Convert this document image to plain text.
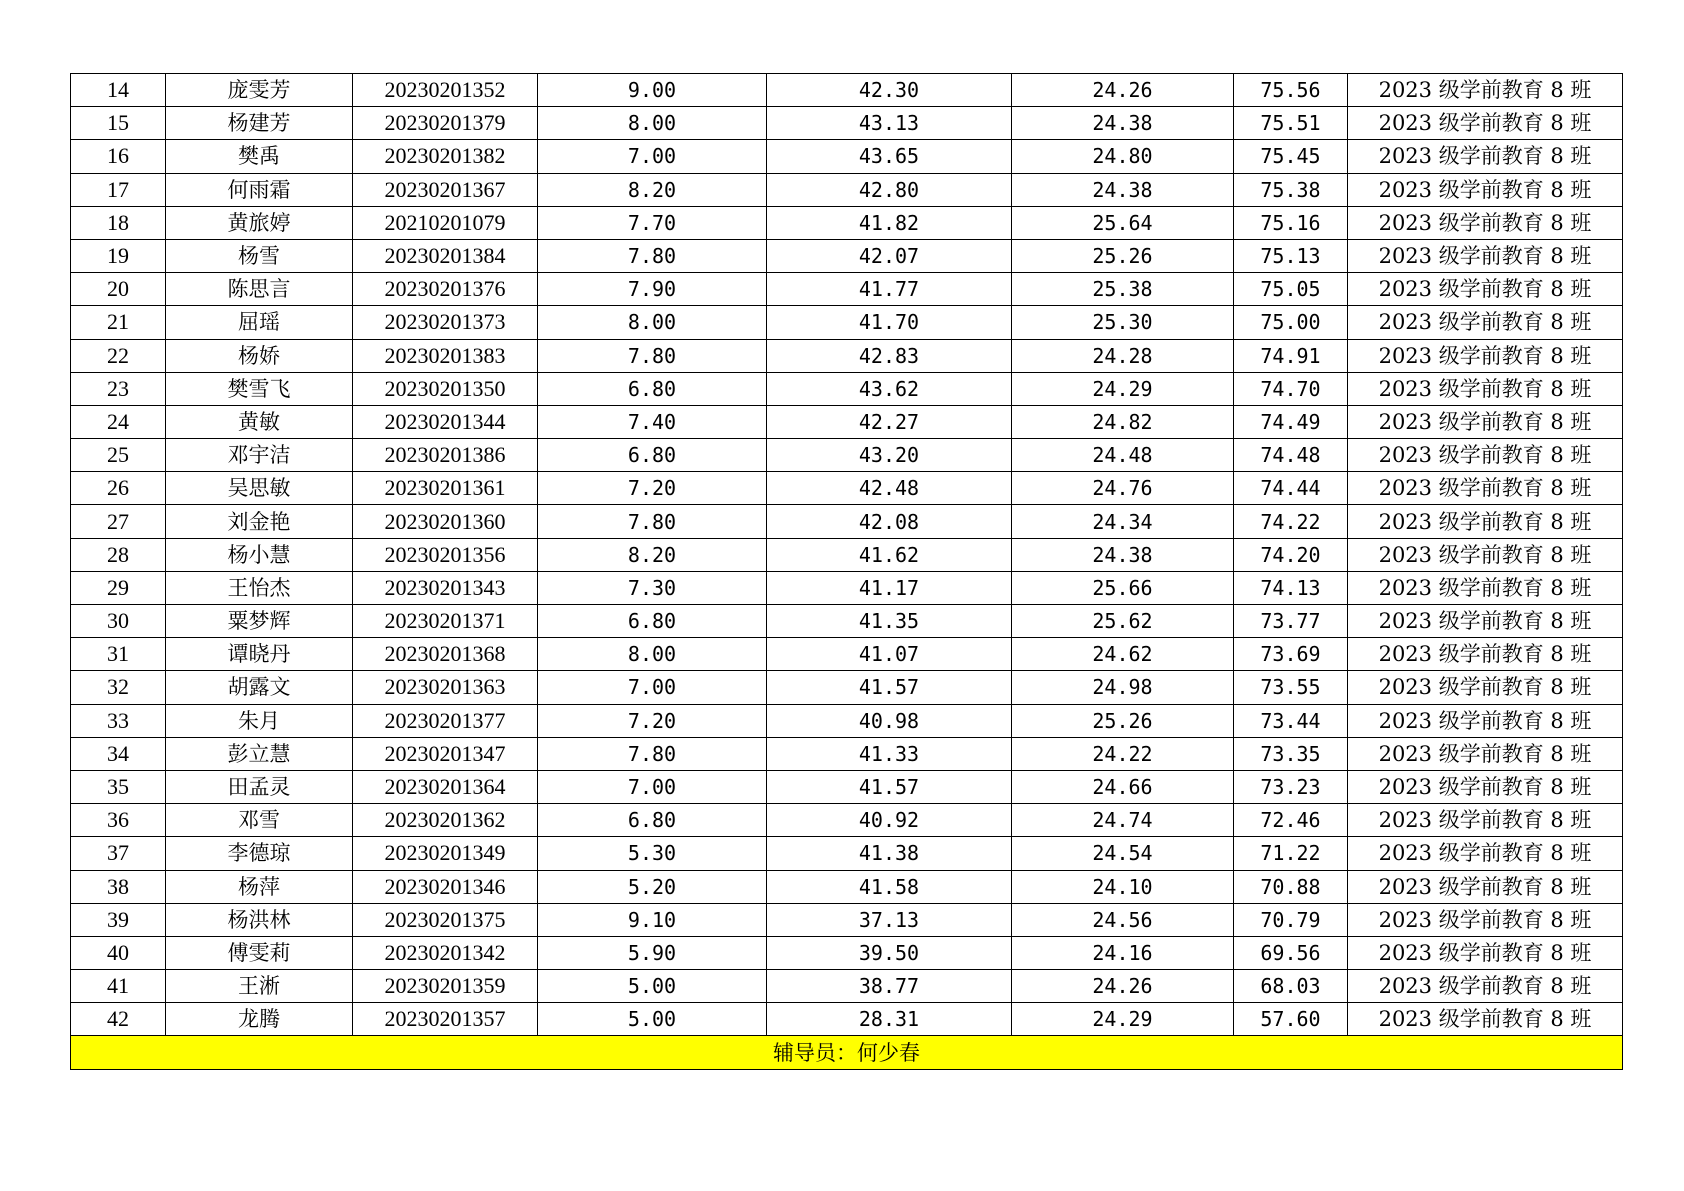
14	庞雯芳	20230201352	9.00	42.30	24.26	75.56	2023 级学前教育 8 班
15	杨建芳	20230201379	8.00	43.13	24.38	75.51	2023 级学前教育 8 班
16	樊禹	20230201382	7.00	43.65	24.80	75.45	2023 级学前教育 8 班
17	何雨霜	20230201367	8.20	42.80	24.38	75.38	2023 级学前教育 8 班
18	黄旅婷	20210201079	7.70	41.82	25.64	75.16	2023 级学前教育 8 班
19	杨雪	20230201384	7.80	42.07	25.26	75.13	2023 级学前教育 8 班
20	陈思言	20230201376	7.90	41.77	25.38	75.05	2023 级学前教育 8 班
21	屈瑶	20230201373	8.00	41.70	25.30	75.00	2023 级学前教育 8 班
22	杨娇	20230201383	7.80	42.83	24.28	74.91	2023 级学前教育 8 班
23	樊雪飞	20230201350	6.80	43.62	24.29	74.70	2023 级学前教育 8 班
24	黄敏	20230201344	7.40	42.27	24.82	74.49	2023 级学前教育 8 班
25	邓宇洁	20230201386	6.80	43.20	24.48	74.48	2023 级学前教育 8 班
26	吴思敏	20230201361	7.20	42.48	24.76	74.44	2023 级学前教育 8 班
27	刘金艳	20230201360	7.80	42.08	24.34	74.22	2023 级学前教育 8 班
28	杨小慧	20230201356	8.20	41.62	24.38	74.20	2023 级学前教育 8 班
29	王怡杰	20230201343	7.30	41.17	25.66	74.13	2023 级学前教育 8 班
30	粟梦辉	20230201371	6.80	41.35	25.62	73.77	2023 级学前教育 8 班
31	谭晓丹	20230201368	8.00	41.07	24.62	73.69	2023 级学前教育 8 班
32	胡露文	20230201363	7.00	41.57	24.98	73.55	2023 级学前教育 8 班
33	朱月	20230201377	7.20	40.98	25.26	73.44	2023 级学前教育 8 班
34	彭立慧	20230201347	7.80	41.33	24.22	73.35	2023 级学前教育 8 班
35	田孟灵	20230201364	7.00	41.57	24.66	73.23	2023 级学前教育 8 班
36	邓雪	20230201362	6.80	40.92	24.74	72.46	2023 级学前教育 8 班
37	李德琼	20230201349	5.30	41.38	24.54	71.22	2023 级学前教育 8 班
38	杨萍	20230201346	5.20	41.58	24.10	70.88	2023 级学前教育 8 班
39	杨洪林	20230201375	9.10	37.13	24.56	70.79	2023 级学前教育 8 班
40	傅雯莉	20230201342	5.90	39.50	24.16	69.56	2023 级学前教育 8 班
41	王淅	20230201359	5.00	38.77	24.26	68.03	2023 级学前教育 8 班
42	龙腾	20230201357	5.00	28.31	24.29	57.60	2023 级学前教育 8 班
辅导员：何少春							
